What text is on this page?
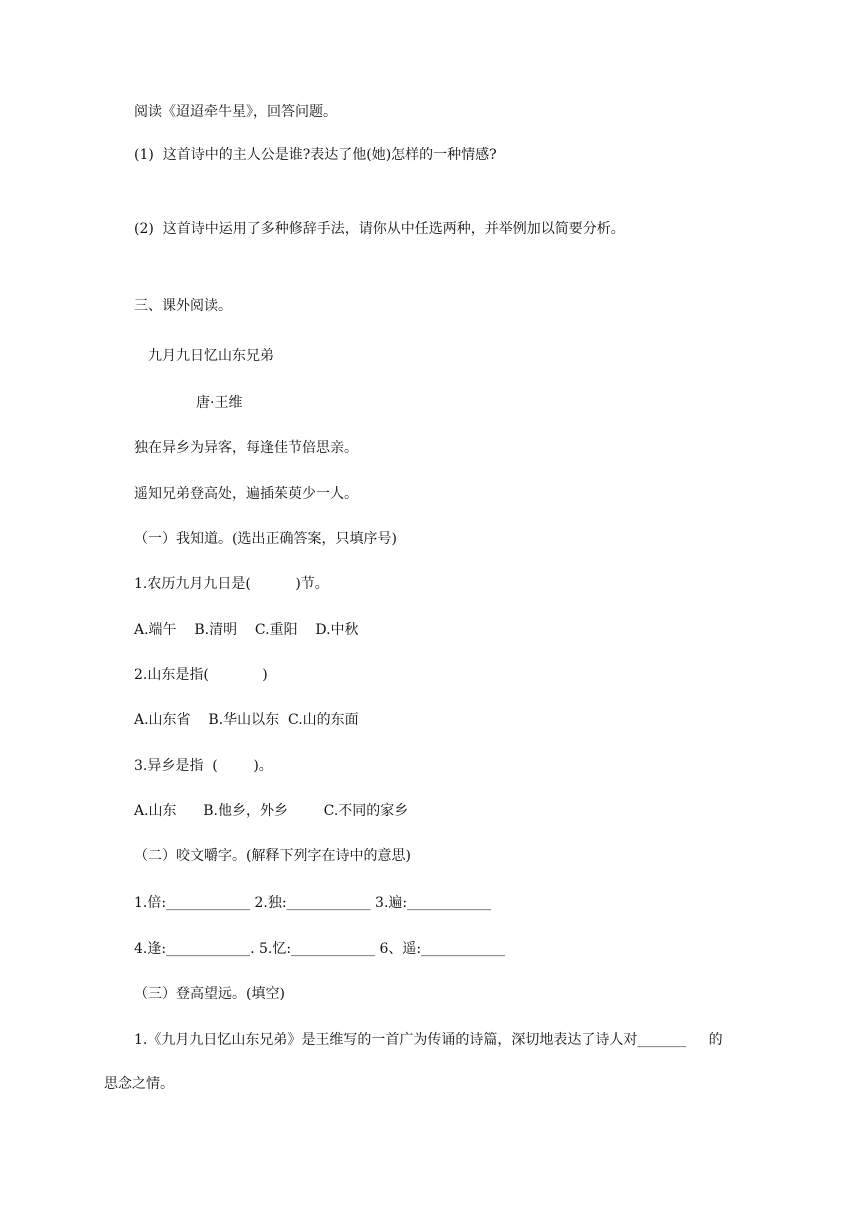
阅读《迢迢牵牛星》，回答问题。

(1)  这首诗中的主人公是谁?表达了他(她)怎样的一种情感?

(2)  这首诗中运用了多种修辞手法，请你从中任选两种，并举例加以简要分析。

三、课外阅读。

九月九日忆山东兄弟

唐·王维

独在异乡为异客，每逢佳节倍思亲。

遥知兄弟登高处，遍插茱萸少一人。

（一）我知道。(选出正确答案，只填序号)

1.农历九月九日是(          )节。

A.端午    B.清明    C.重阳    D.中秋

2.山东是指(            )

A.山东省    B.华山以东  C.山的东面

3.异乡是指  (        )。

A.山东      B.他乡，外乡        C.不同的家乡

（二）咬文嚼字。(解释下列字在诗中的意思)

1.倍:____________ 2.独:____________ 3.遍:____________

4.逢:____________. 5.忆:____________ 6、遥:____________

（三）登高望远。(填空)

1.《九月九日忆山东兄弟》是王维写的一首广为传诵的诗篇，深切地表达了诗人对_______     的

思念之情。
